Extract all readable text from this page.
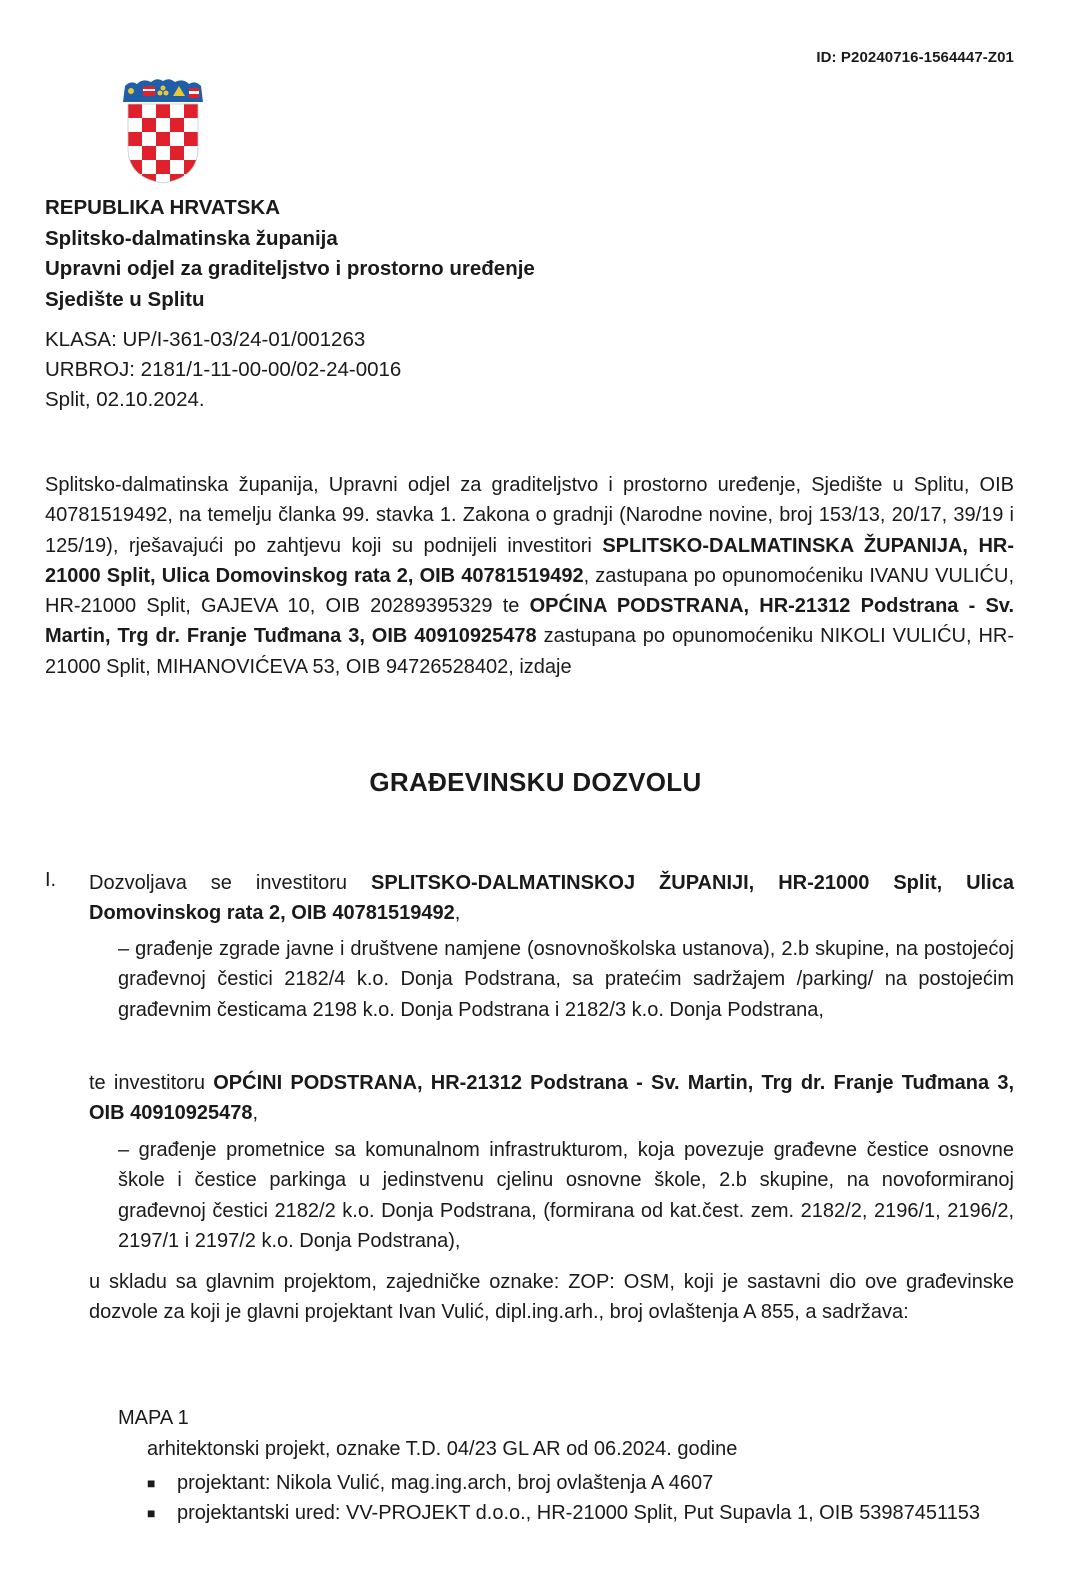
ID: P20240716-1564447-Z01
REPUBLIKA HRVATSKA
Splitsko-dalmatinska županija
Upravni odjel za graditeljstvo i prostorno uređenje
Sjedište u Splitu
KLASA: UP/I-361-03/24-01/001263
URBROJ: 2181/1-11-00-00/02-24-0016
Split, 02.10.2024.
Splitsko-dalmatinska županija, Upravni odjel za graditeljstvo i prostorno uređenje, Sjedište u Splitu, OIB 40781519492, na temelju članka 99. stavka 1. Zakona o gradnji (Narodne novine, broj 153/13, 20/17, 39/19 i 125/19), rješavajući po zahtjevu koji su podnijeli investitori SPLITSKO-DALMATINSKA ŽUPANIJA, HR-21000 Split, Ulica Domovinskog rata 2, OIB 40781519492, zastupana po opunomoćeniku IVANU VULIĆU, HR-21000 Split, GAJEVA 10, OIB 20289395329 te OPĆINA PODSTRANA, HR-21312 Podstrana - Sv. Martin, Trg dr. Franje Tuđmana 3, OIB 40910925478 zastupana po opunomoćeniku NIKOLI VULIĆU, HR-21000 Split, MIHANOVIĆEVA 53, OIB 94726528402, izdaje
GRAĐEVINSKU DOZVOLU
I. Dozvoljava se investitoru SPLITSKO-DALMATINSKOJ ŽUPANIJI, HR-21000 Split, Ulica Domovinskog rata 2, OIB 40781519492,
– građenje zgrade javne i društvene namjene (osnovnoškolska ustanova), 2.b skupine, na postojećoj građevnoj čestici 2182/4 k.o. Donja Podstrana, sa pratećim sadržajem /parking/ na postojećim građevnim česticama 2198 k.o. Donja Podstrana i 2182/3 k.o. Donja Podstrana,
te investitoru OPĆINI PODSTRANA, HR-21312 Podstrana - Sv. Martin, Trg dr. Franje Tuđmana 3, OIB 40910925478,
– građenje prometnice sa komunalnom infrastrukturom, koja povezuje građevne čestice osnovne škole i čestice parkinga u jedinstvenu cjelinu osnovne škole, 2.b skupine, na novoformiranoj građevnoj čestici 2182/2 k.o. Donja Podstrana, (formirana od kat.čest. zem. 2182/2, 2196/1, 2196/2, 2197/1 i 2197/2 k.o. Donja Podstrana),
u skladu sa glavnim projektom, zajedničke oznake: ZOP: OSM, koji je sastavni dio ove građevinske dozvole za koji je glavni projektant Ivan Vulić, dipl.ing.arh., broj ovlaštenja A 855, a sadržava:
MAPA 1
arhitektonski projekt, oznake T.D. 04/23 GL AR od 06.2024. godine
■	projektant: Nikola Vulić, mag.ing.arch, broj ovlaštenja A 4607
■	projektantski ured: VV-PROJEKT d.o.o., HR-21000 Split, Put Supavla 1, OIB 53987451153
